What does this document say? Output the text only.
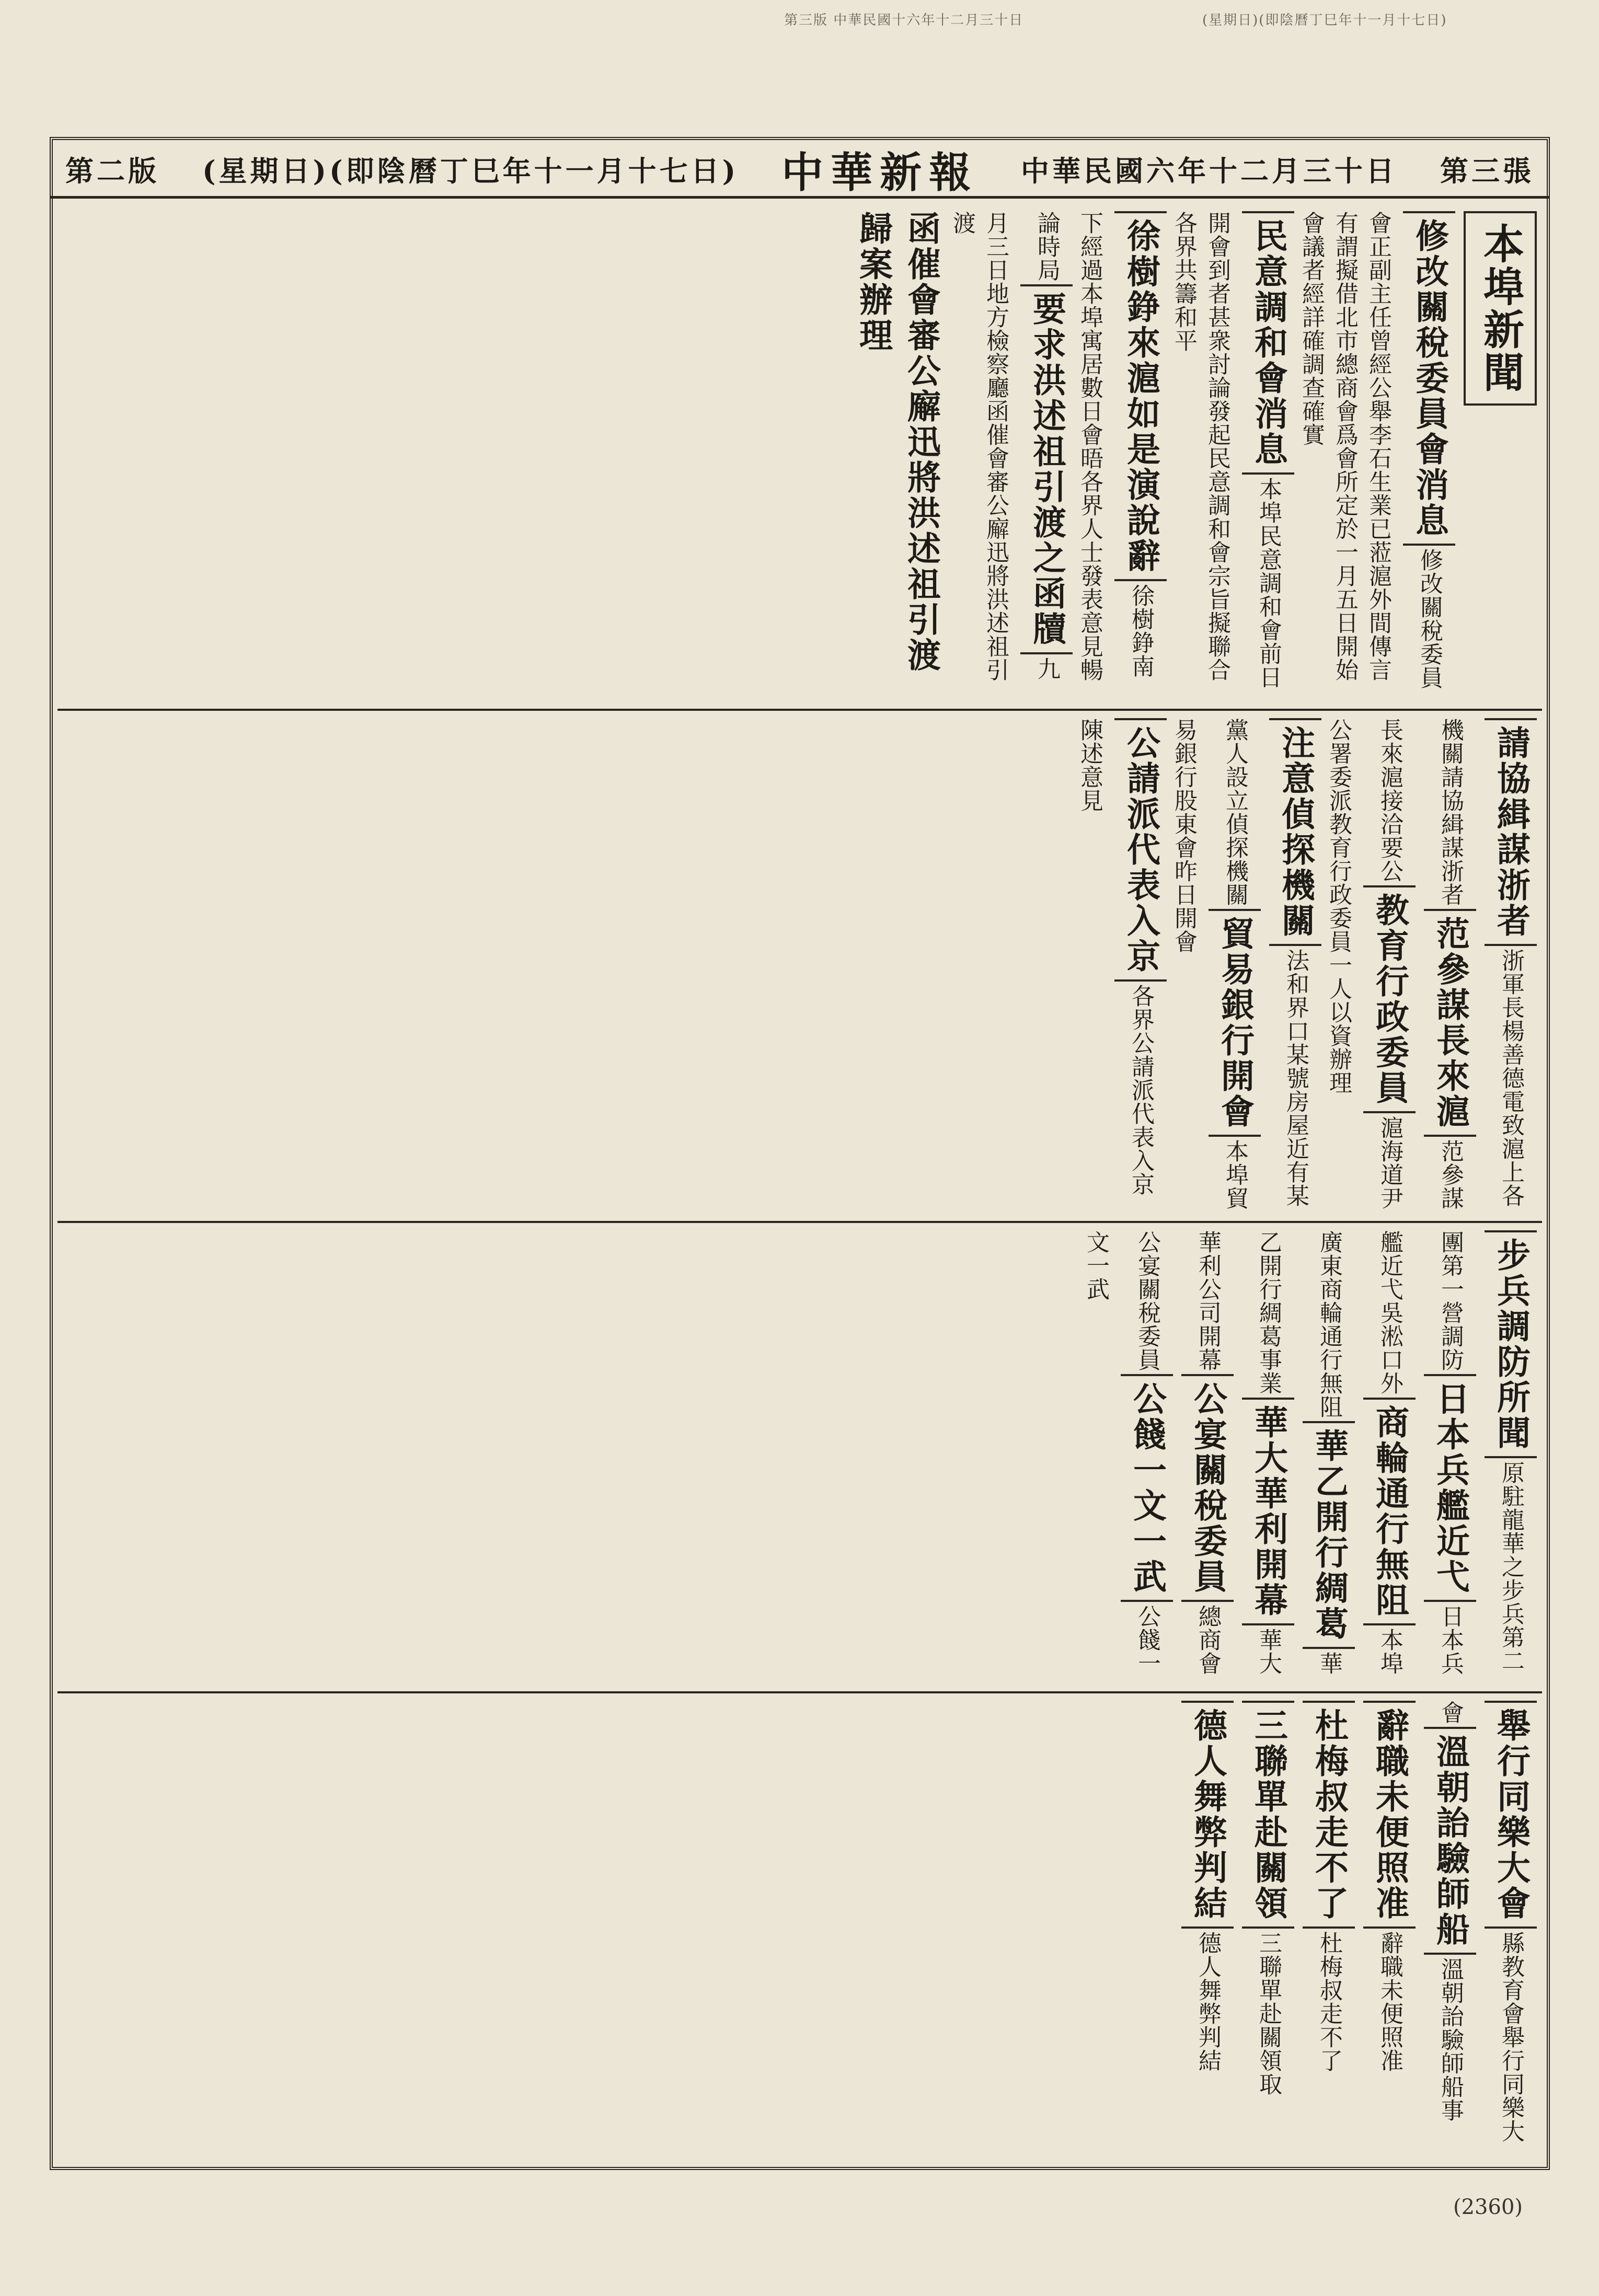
第三版 中華民國十六年十二月三十日	(星期日)(即陰曆丁巳年十一月十七日)
第三張
中華民國六年十二月三十日
中華新報
(星期日)(即陰曆丁巳年十一月十七日)
第二版
本埠新聞 修改關稅委員會消息 修改關稅委員會正副主任曾經公舉李石生業已蒞滬外間傳言有謂擬借北市總商會爲會所定於一月五日開始會議者經詳確調查確實 民意調和會消息 本埠民意調和會前日開會到者甚衆討論發起民意調和會宗旨擬聯合各界共籌和平 徐樹錚來滬如是演說辭 徐樹錚南下經過本埠寓居數日會晤各界人士發表意見暢論時局 要求洪述祖引渡之函牘 九月三日地方檢察廳函催會審公廨迅將洪述祖引渡 函催會審公廨迅將洪述祖引渡歸案辦理
請協緝謀浙者 浙軍長楊善德電致滬上各機關請協緝謀浙者 范參謀長來滬 范參謀長來滬接洽要公 教育行政委員 滬海道尹公署委派教育行政委員一人以資辦理 注意偵探機關 法和界口某號房屋近有某黨人設立偵探機關 貿易銀行開會 本埠貿易銀行股東會昨日開會 公請派代表入京 各界公請派代表入京陳述意見
步兵調防所聞 原駐龍華之步兵第二團第一營調防 日本兵艦近弋 日本兵艦近弋吳淞口外 商輪通行無阻 本埠廣東商輪通行無阻 華乙開行綢葛 華乙開行綢葛事業 華大華利開幕 華大華利公司開幕 公宴關稅委員 總商會公宴關稅委員 公餞一文一武 公餞一文一武
舉行同樂大會 縣教育會舉行同樂大會 溫朝詒驗師船 溫朝詒驗師船事 辭職未便照准 辭職未便照准 杜梅叔走不了 杜梅叔走不了 三聯單赴關領 三聯單赴關領取 德人舞弊判結 德人舞弊判結
(2360)
